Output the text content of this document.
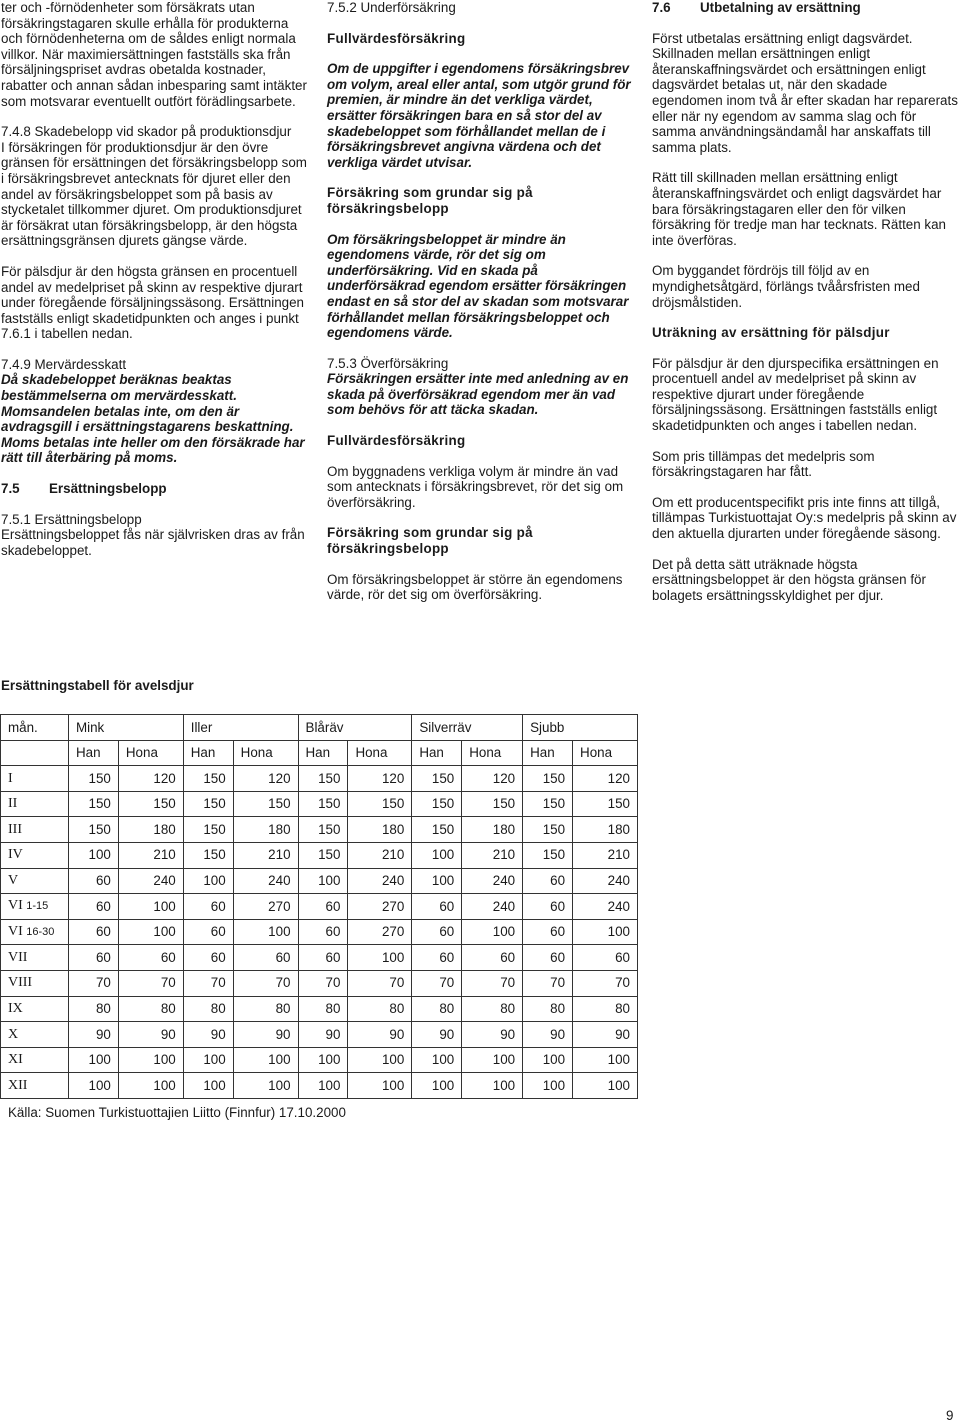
ter och -förnödenheter som försäkrats utan försäkringstagaren skulle erhålla för produkterna och förnödenheterna om de såldes enligt normala villkor. När maximiersättningen fastställs ska från försäljningspriset avdras obetalda kostnader, rabatter och annan sådan inbesparing samt intäkter som motsvarar eventuellt outfört förädlingsarbete.

7.4.8 Skadebelopp vid skador på produktionsdjur

I försäkringen för produktionsdjur är den övre gränsen för ersättningen det försäkringsbelopp som i försäkringsbrevet antecknats för djuret eller den andel av försäkringsbeloppet som på basis av stycketalet tillkommer djuret. Om produktionsdjuret är försäkrat utan försäkringsbelopp, är den högsta ersättningsgränsen djurets gängse värde.

För pälsdjur är den högsta gränsen en procentuell andel av medelpriset på skinn av respektive djurart under föregående försäljningssäsong. Ersättningen fastställs enligt skadetidpunkten och anges i punkt 7.6.1 i tabellen nedan.

7.4.9 Mervärdesskatt

Då skadebeloppet beräknas beaktas bestämmelserna om mervärdesskatt. Momsandelen betalas inte, om den är avdragsgill i ersättningstagarens beskattning. Moms betalas inte heller om den försäkrade har rätt till återbäring på moms.

7.5 Ersättningsbelopp
7.5.1 Ersättningsbelopp

Ersättningsbeloppet fås när självrisken dras av från skadebeloppet.

7.5.2 Underförsäkring

Fullvärdesförsäkring

Om de uppgifter i egendomens försäkringsbrev om volym, areal eller antal, som utgör grund för premien, är mindre än det verkliga värdet, ersätter försäkringen bara en så stor del av skadebeloppet som förhållandet mellan de i försäkringsbrevet angivna värdena och det verkliga värdet utvisar.

Försäkring som grundar sig på försäkringsbelopp

Om försäkringsbeloppet är mindre än egendomens värde, rör det sig om underförsäkring. Vid en skada på underförsäkrad egendom ersätter försäkringen endast en så stor del av skadan som motsvarar förhållandet mellan försäkringsbeloppet och egendomens värde.

7.5.3 Överförsäkring

Försäkringen ersätter inte med anledning av en skada på överförsäkrad egendom mer än vad som behövs för att täcka skadan.

Fullvärdesförsäkring

Om byggnadens verkliga volym är mindre än vad som antecknats i försäkringsbrevet, rör det sig om överförsäkring.

Försäkring som grundar sig på försäkringsbelopp

Om försäkringsbeloppet är större än egendomens värde, rör det sig om överförsäkring.

7.6 Utbetalning av ersättning

Först utbetalas ersättning enligt dagsvärdet. Skillnaden mellan ersättningen enligt återanskaffningsvärdet och ersättningen enligt dagsvärdet betalas ut, när den skadade egendomen inom två år efter skadan har reparerats eller när ny egendom av samma slag och för samma användningsändamål har anskaffats till samma plats.

Rätt till skillnaden mellan ersättning enligt återanskaffningsvärdet och enligt dagsvärdet har bara försäkringstagaren eller den för vilken försäkring för tredje man har tecknats. Rätten kan inte överföras.

Om byggandet fördröjs till följd av en myndighetsåtgärd, förlängs tvåårsfristen med dröjsmålstiden.

Uträkning av ersättning för pälsdjur

För pälsdjur är den djurspecifika ersättningen en procentuell andel av medelpriset på skinn av respektive djurart under föregående försäljningssäsong. Ersättningen fastställs enligt skadetidpunkten och anges i tabellen nedan.

Som pris tillämpas det medelpris som försäkringstagaren har fått.

Om ett producentspecifikt pris inte finns att tillgå, tillämpas Turkistuottajat Oy:s medelpris på skinn av den aktuella djurarten under föregående säsong.

Det på detta sätt uträknade högsta ersättningsbeloppet är den högsta gränsen för bolagets ersättningsskyldighet per djur.

Ersättningstabell för avelsdjur
mån.	Mink		Iller		Blåräv		Silverräv		Sjubb	
	Han	Hona	Han	Hona	Han	Hona	Han	Hona	Han	Hona
I	150	120	150	120	150	120	150	120	150	120
II	150	150	150	150	150	150	150	150	150	150
III	150	180	150	180	150	180	150	180	150	180
IV	100	210	150	210	150	210	100	210	150	210
V	60	240	100	240	100	240	100	240	60	240
VI 1-15	60	100	60	270	60	270	60	240	60	240
VI 16-30	60	100	60	100	60	270	60	100	60	100
VII	60	60	60	60	60	100	60	60	60	60
VIII	70	70	70	70	70	70	70	70	70	70
IX	80	80	80	80	80	80	80	80	80	80
X	90	90	90	90	90	90	90	90	90	90
XI	100	100	100	100	100	100	100	100	100	100
XII	100	100	100	100	100	100	100	100	100	100
Källa: Suomen Turkistuottajien Liitto (Finnfur) 17.10.2000
9
